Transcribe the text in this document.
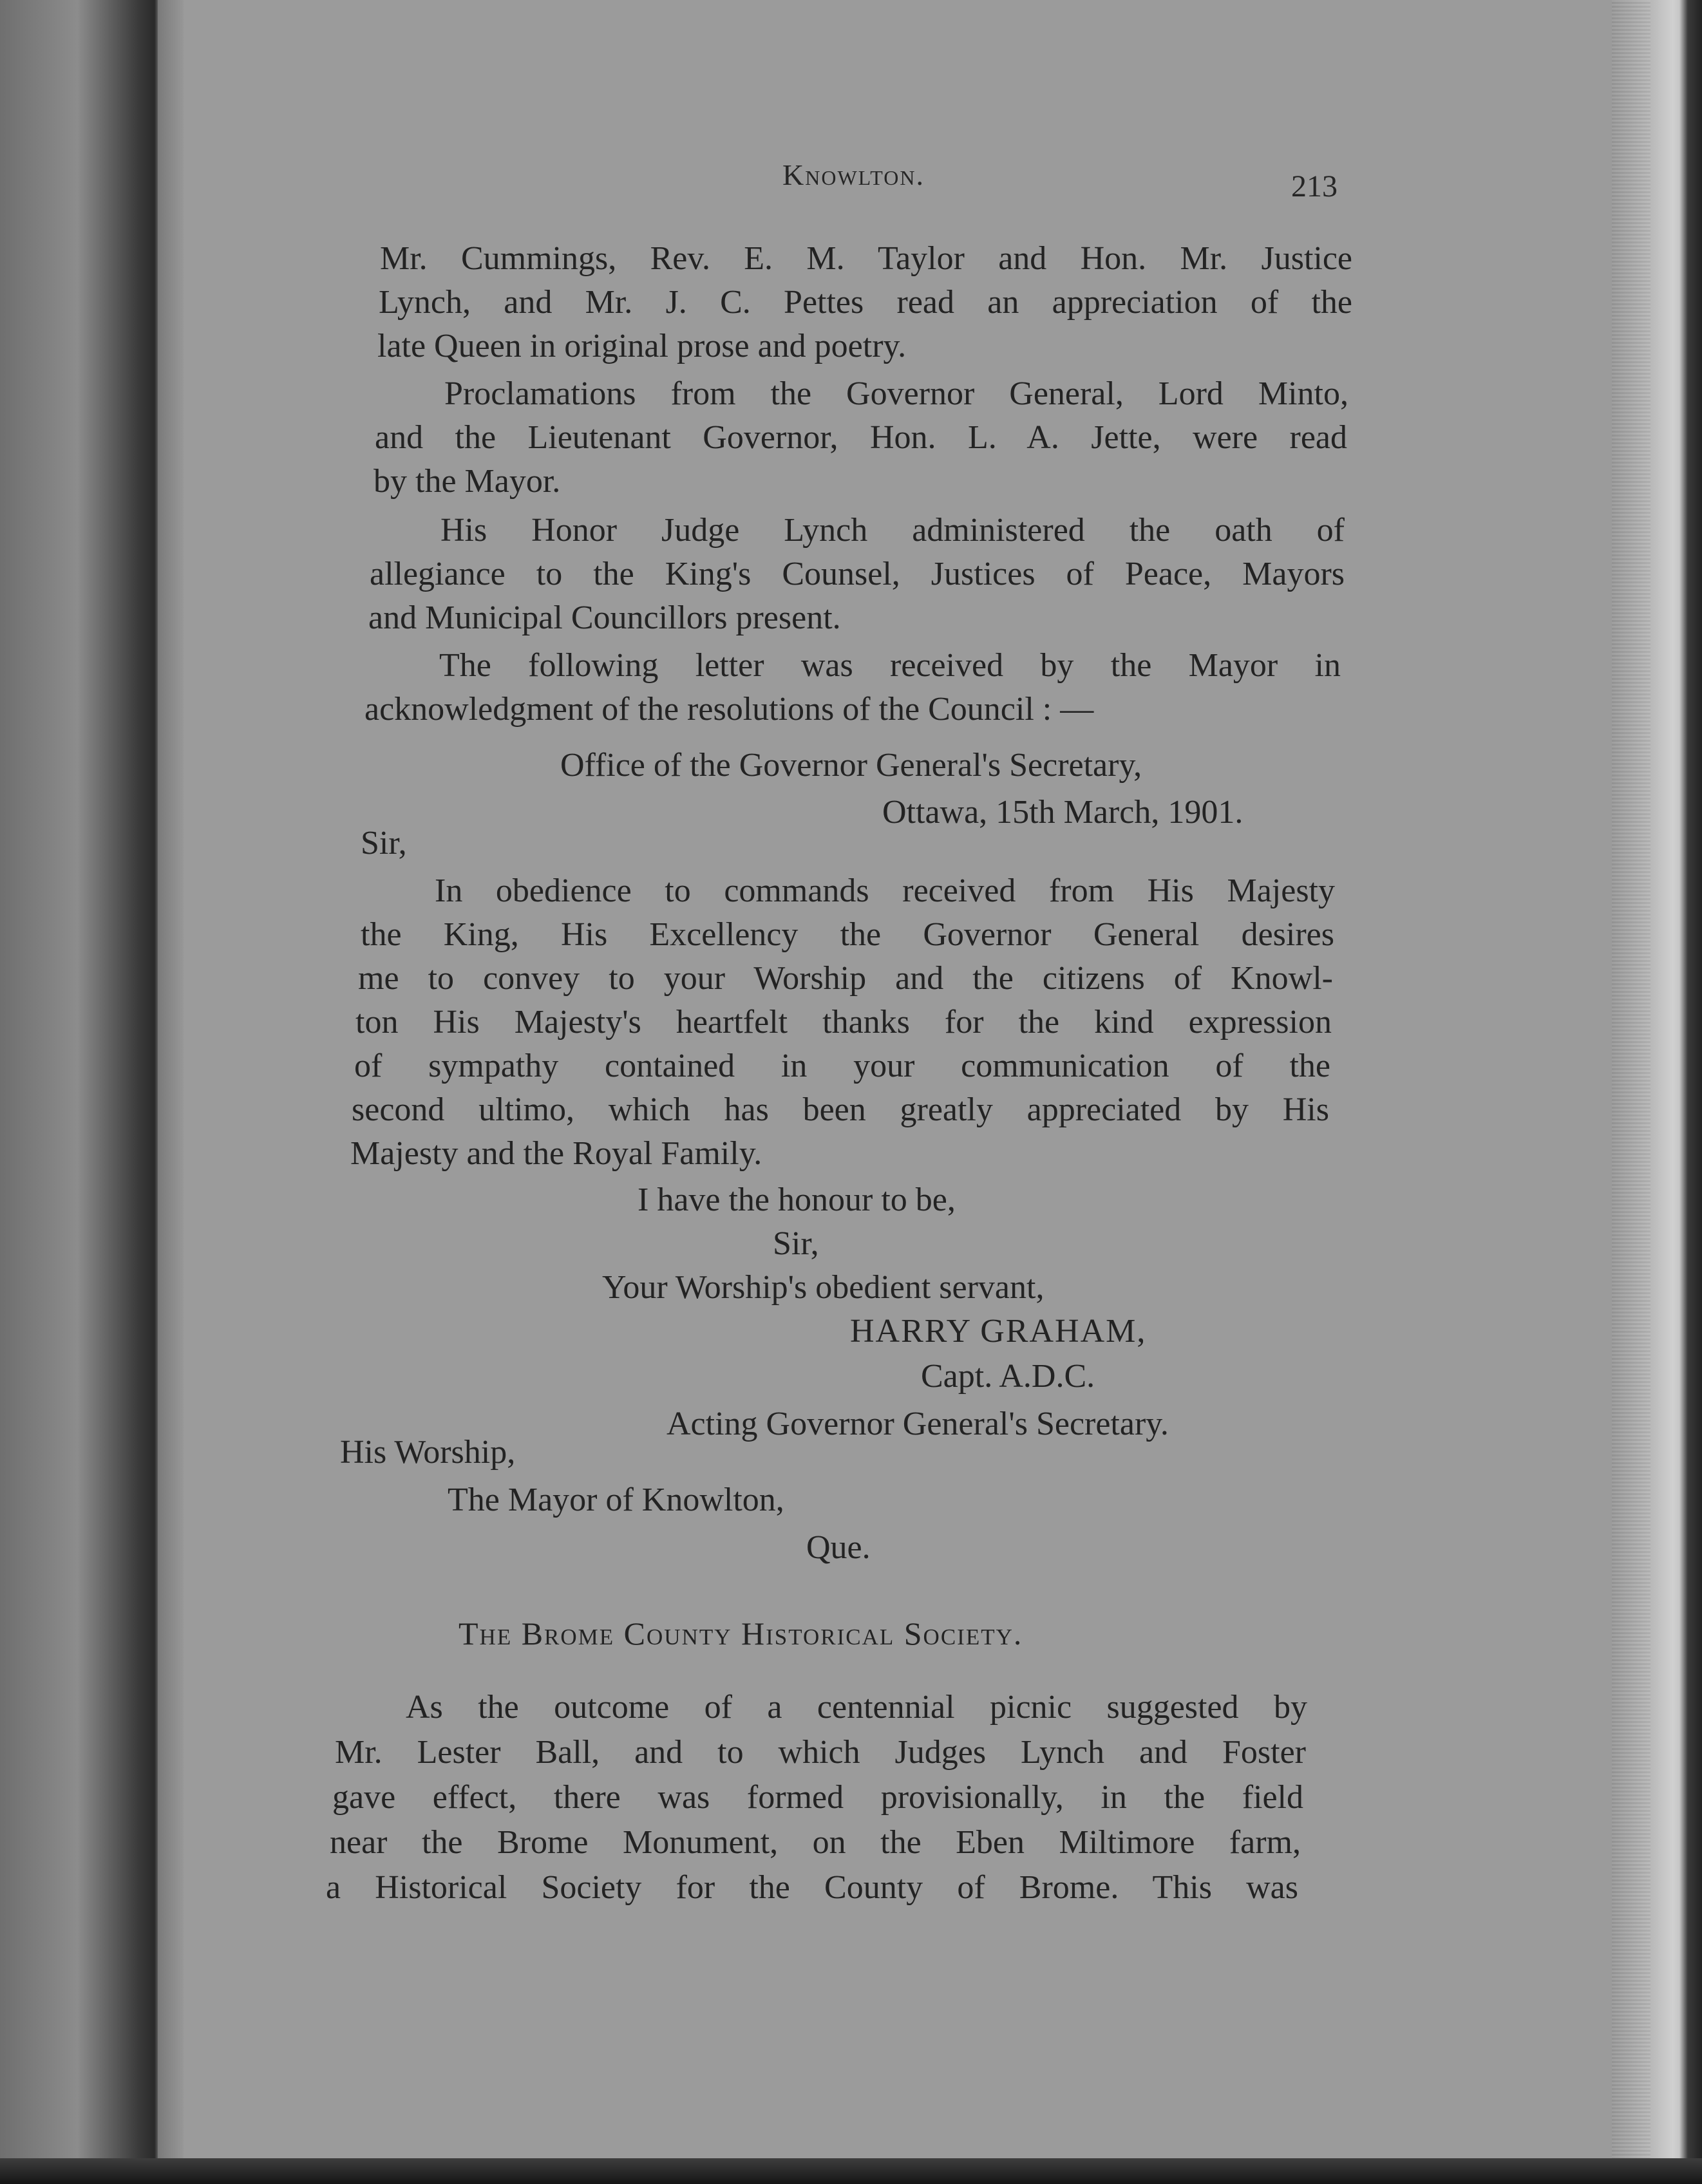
Knowlton.	213
Mr. Cummings, Rev. E. M. Taylor and Hon. Mr. Justice
Lynch, and Mr. J. C. Pettes read an appreciation of the
late Queen in original prose and poetry.
Proclamations from the Governor General, Lord Minto,
and the Lieutenant Governor, Hon. L. A. Jette, were read
by the Mayor.
His Honor Judge Lynch administered the oath of
allegiance to the King's Counsel, Justices of Peace, Mayors
and Municipal Councillors present.
The following letter was received by the Mayor in
acknowledgment of the resolutions of the Council : —
Office of the Governor General's Secretary,
Ottawa, 15th March, 1901.
Sir,
In obedience to commands received from His Majesty
the King, His Excellency the Governor General desires
me to convey to your Worship and the citizens of Knowl-
ton His Majesty's heartfelt thanks for the kind expression
of sympathy contained in your communication of the
second ultimo, which has been greatly appreciated by His
Majesty and the Royal Family.
I have the honour to be,
Sir,
Your Worship's obedient servant,
HARRY GRAHAM,
Capt. A.D.C.
Acting Governor General's Secretary.
His Worship,
The Mayor of Knowlton,
Que.
The Brome County Historical Society.
As the outcome of a centennial picnic suggested by
Mr. Lester Ball, and to which Judges Lynch and Foster
gave effect, there was formed provisionally, in the field
near the Brome Monument, on the Eben Miltimore farm,
a Historical Society for the County of Brome. This was
